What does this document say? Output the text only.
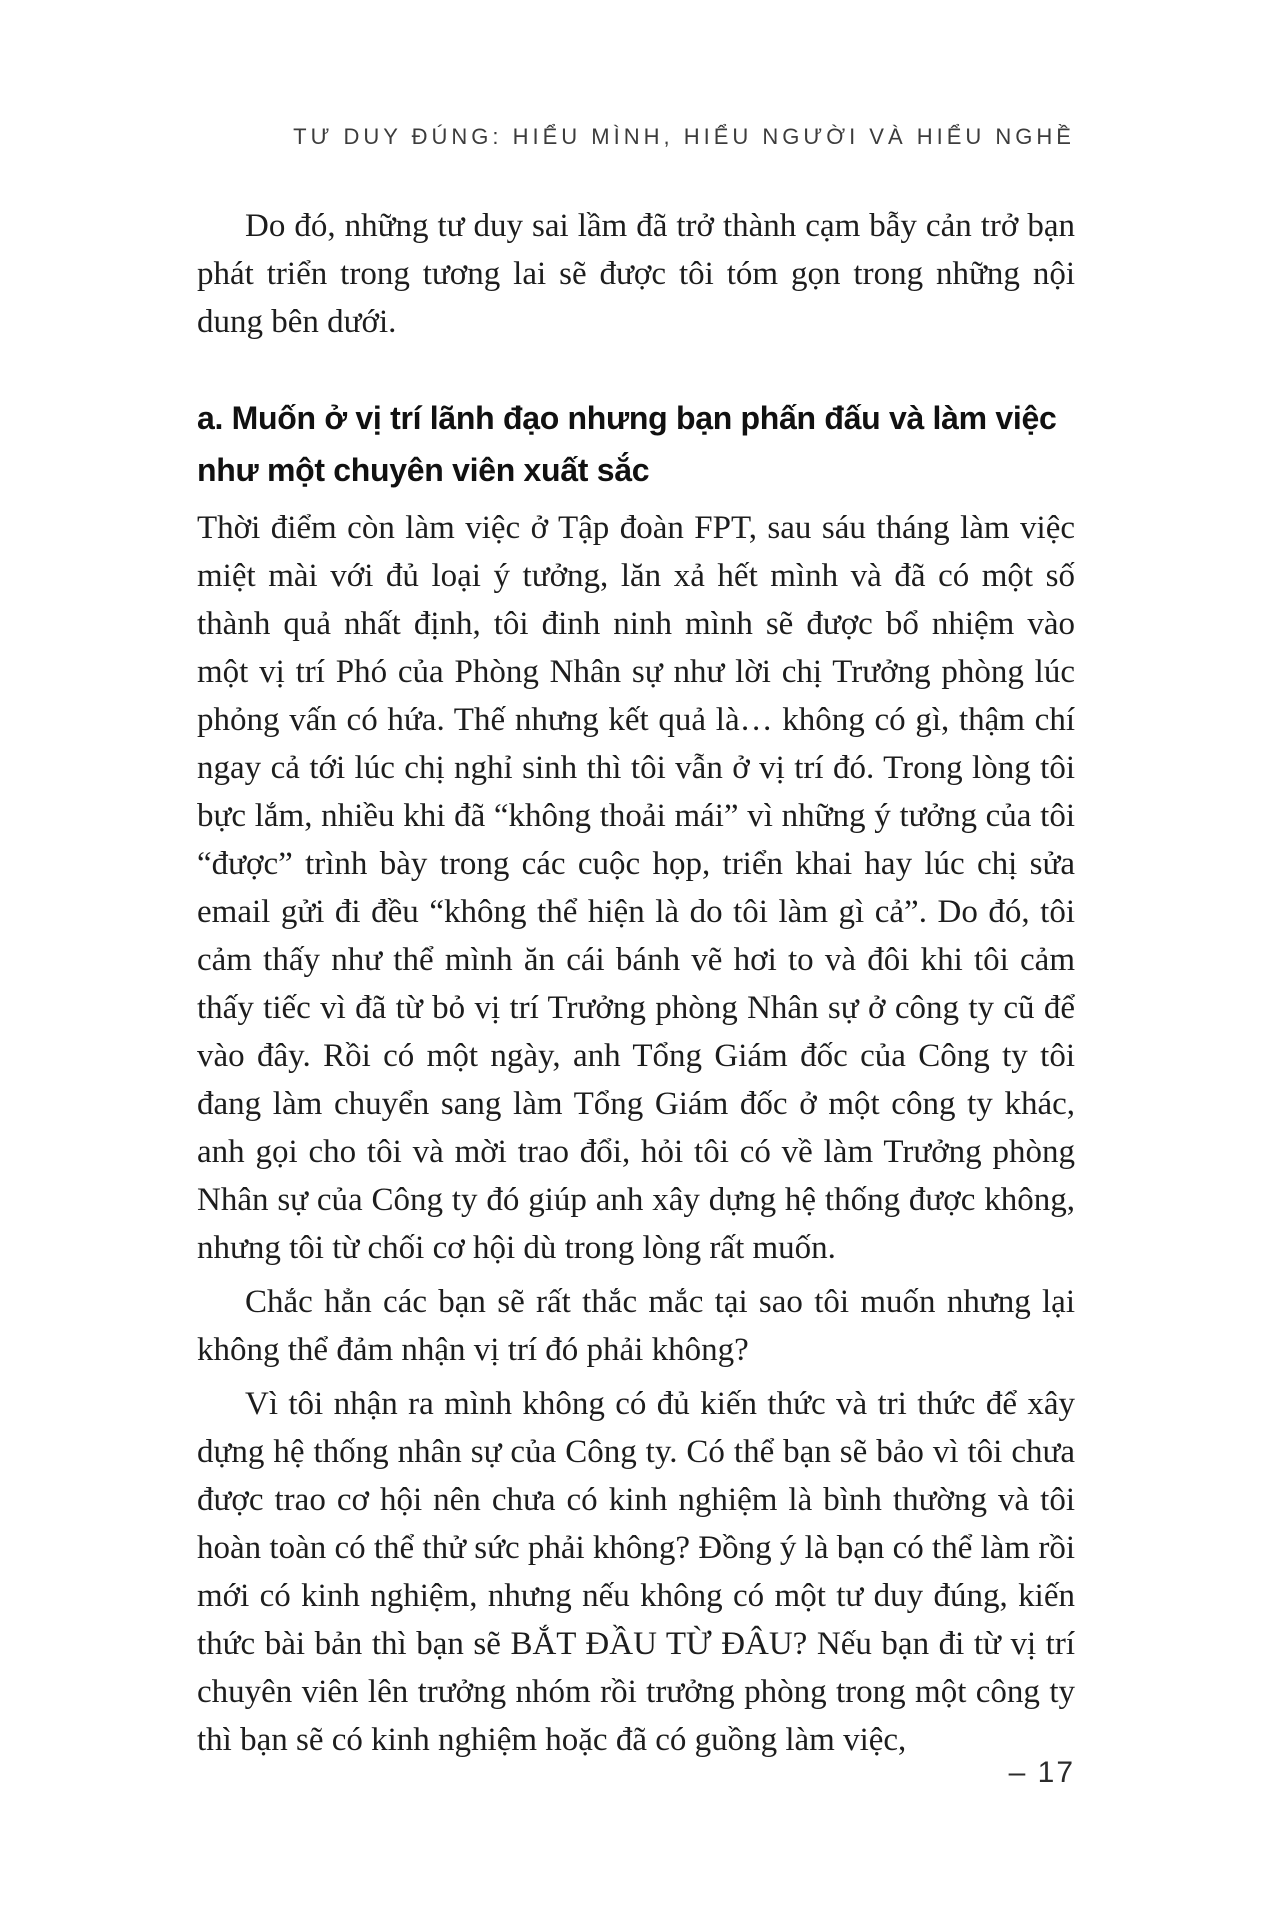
TƯ DUY ĐÚNG: HIỂU MÌNH, HIỂU NGƯỜI VÀ HIỂU NGHỀ

Do đó, những tư duy sai lầm đã trở thành cạm bẫy cản trở bạn phát triển trong tương lai sẽ được tôi tóm gọn trong những nội dung bên dưới.

a. Muốn ở vị trí lãnh đạo nhưng bạn phấn đấu và làm việc như một chuyên viên xuất sắc

Thời điểm còn làm việc ở Tập đoàn FPT, sau sáu tháng làm việc miệt mài với đủ loại ý tưởng, lăn xả hết mình và đã có một số thành quả nhất định, tôi đinh ninh mình sẽ được bổ nhiệm vào một vị trí Phó của Phòng Nhân sự như lời chị Trưởng phòng lúc phỏng vấn có hứa. Thế nhưng kết quả là… không có gì, thậm chí ngay cả tới lúc chị nghỉ sinh thì tôi vẫn ở vị trí đó. Trong lòng tôi bực lắm, nhiều khi đã “không thoải mái” vì những ý tưởng của tôi “được” trình bày trong các cuộc họp, triển khai hay lúc chị sửa email gửi đi đều “không thể hiện là do tôi làm gì cả”. Do đó, tôi cảm thấy như thể mình ăn cái bánh vẽ hơi to và đôi khi tôi cảm thấy tiếc vì đã từ bỏ vị trí Trưởng phòng Nhân sự ở công ty cũ để vào đây. Rồi có một ngày, anh Tổng Giám đốc của Công ty tôi đang làm chuyển sang làm Tổng Giám đốc ở một công ty khác, anh gọi cho tôi và mời trao đổi, hỏi tôi có về làm Trưởng phòng Nhân sự của Công ty đó giúp anh xây dựng hệ thống được không, nhưng tôi từ chối cơ hội dù trong lòng rất muốn.

Chắc hẳn các bạn sẽ rất thắc mắc tại sao tôi muốn nhưng lại không thể đảm nhận vị trí đó phải không?

Vì tôi nhận ra mình không có đủ kiến thức và tri thức để xây dựng hệ thống nhân sự của Công ty. Có thể bạn sẽ bảo vì tôi chưa được trao cơ hội nên chưa có kinh nghiệm là bình thường và tôi hoàn toàn có thể thử sức phải không? Đồng ý là bạn có thể làm rồi mới có kinh nghiệm, nhưng nếu không có một tư duy đúng, kiến thức bài bản thì bạn sẽ BẮT ĐẦU TỪ ĐÂU? Nếu bạn đi từ vị trí chuyên viên lên trưởng nhóm rồi trưởng phòng trong một công ty thì bạn sẽ có kinh nghiệm hoặc đã có guồng làm việc,

– 17
